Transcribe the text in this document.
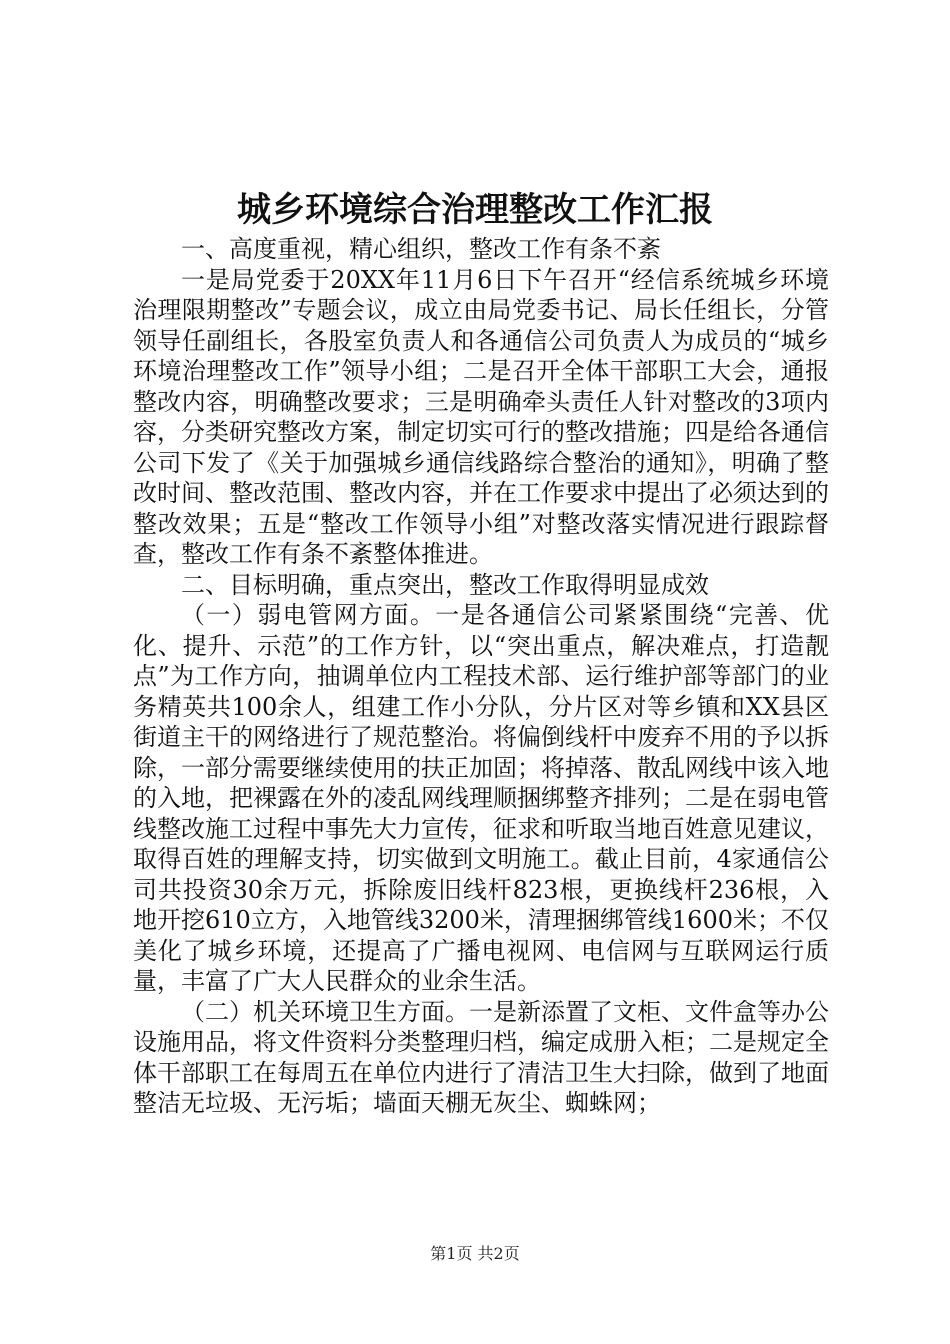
城乡环境综合治理整改工作汇报

一、高度重视，精心组织，整改工作有条不紊

一是局党委于20XX年11月6日下午召开“经信系统城乡环境治理限期整改”专题会议，成立由局党委书记、局长任组长，分管领导任副组长，各股室负责人和各通信公司负责人为成员的“城乡环境治理整改工作”领导小组；二是召开全体干部职工大会，通报整改内容，明确整改要求；三是明确牵头责任人针对整改的3项内容，分类研究整改方案，制定切实可行的整改措施；四是给各通信公司下发了《关于加强城乡通信线路综合整治的通知》，明确了整改时间、整改范围、整改内容，并在工作要求中提出了必须达到的整改效果；五是“整改工作领导小组”对整改落实情况进行跟踪督查，整改工作有条不紊整体推进。

二、目标明确，重点突出，整改工作取得明显成效

（一）弱电管网方面。一是各通信公司紧紧围绕“完善、优化、提升、示范”的工作方针，以“突出重点，解决难点，打造靓点”为工作方向，抽调单位内工程技术部、运行维护部等部门的业务精英共100余人，组建工作小分队，分片区对等乡镇和XX县区街道主干的网络进行了规范整治。将偏倒线杆中废弃不用的予以拆除，一部分需要继续使用的扶正加固；将掉落、散乱网线中该入地的入地，把裸露在外的凌乱网线理顺捆绑整齐排列；二是在弱电管线整改施工过程中事先大力宣传，征求和听取当地百姓意见建议，取得百姓的理解支持，切实做到文明施工。截止目前，4家通信公司共投资30余万元，拆除废旧线杆823根，更换线杆236根，入地开挖610立方，入地管线3200米，清理捆绑管线1600米；不仅美化了城乡环境，还提高了广播电视网、电信网与互联网运行质量，丰富了广大人民群众的业余生活。

（二）机关环境卫生方面。一是新添置了文柜、文件盒等办公设施用品，将文件资料分类整理归档，编定成册入柜；二是规定全体干部职工在每周五在单位内进行了清洁卫生大扫除，做到了地面整洁无垃圾、无污垢；墙面天棚无灰尘、蜘蛛网；

第1页 共2页
